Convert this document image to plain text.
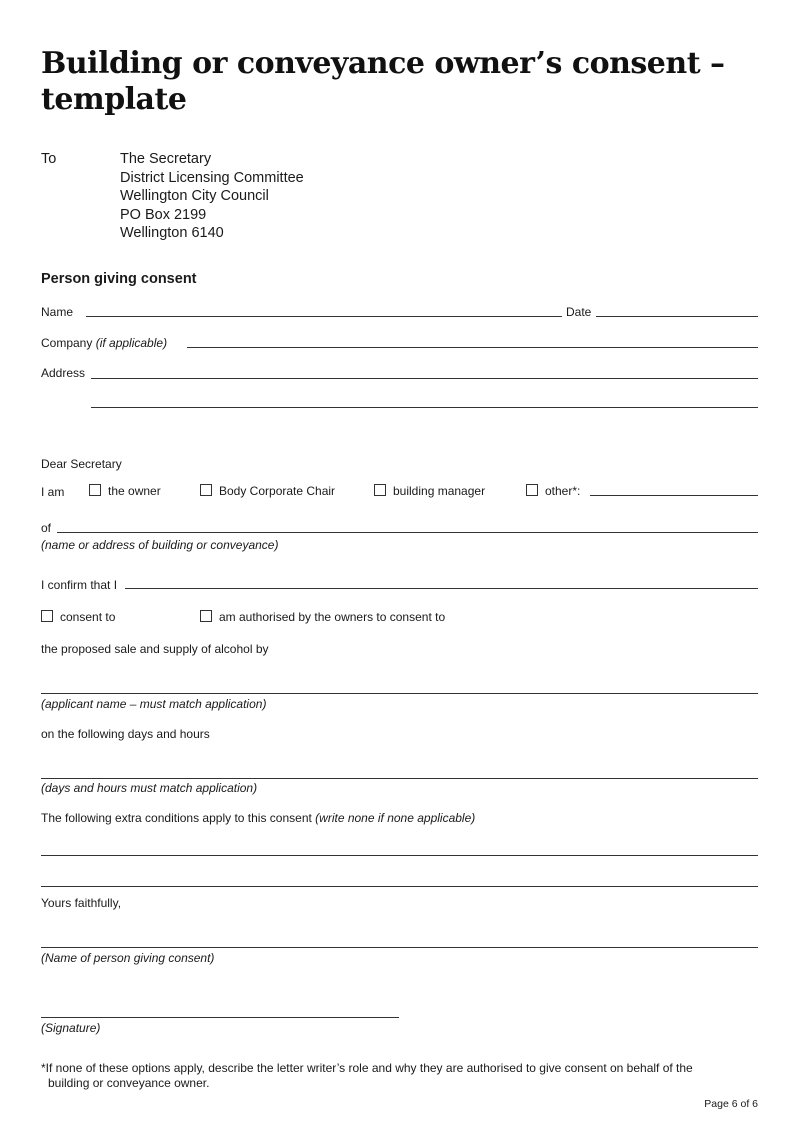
Building or conveyance owner’s consent –
template
To	The Secretary
District Licensing Committee
Wellington City Council
PO Box 2199
Wellington 6140
Person giving consent
Name	Date
Company (if applicable)
Address
Dear Secretary
I am	the owner	Body Corporate Chair	building manager	other*:
of
(name or address of building or conveyance)
I confirm that I
consent to	am authorised by the owners to consent to
the proposed sale and supply of alcohol by
(applicant name – must match application)
on the following days and hours
(days and hours must match application)
The following extra conditions apply to this consent (write none if none applicable)
Yours faithfully,
(Name of person giving consent)
(Signature)
*If none of these options apply, describe the letter writer’s role and why they are authorised to give consent on behalf of the
building or conveyance owner.
Page 6 of 6
